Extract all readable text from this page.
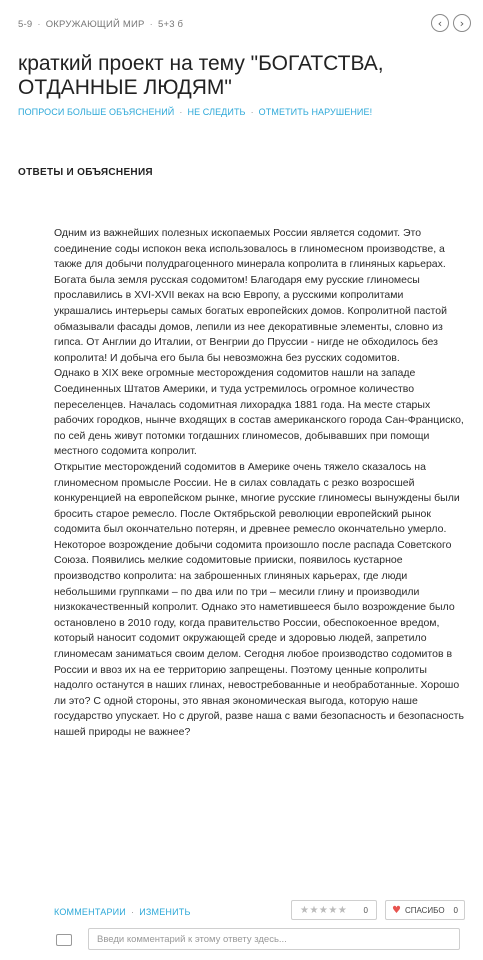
5-9 · ОКРУЖАЮЩИЙ МИР · 5+3 б	‹	›
краткий проект на тему "БОГАТСТВА, ОТДАННЫЕ ЛЮДЯМ"
ПОПРОСИ БОЛЬШЕ ОБЪЯСНЕНИЙ · НЕ СЛЕДИТЬ · ОТМЕТИТЬ НАРУШЕНИЕ!
ОТВЕТЫ И ОБЪЯСНЕНИЯ

Одним из важнейших полезных ископаемых России является содомит. Это соединение соды испокон века использовалось в глиномесном производстве, а также для добычи полудрагоценного минерала копролита в глиняных карьерах. Богата была земля русская содомитом! Благодаря ему русские глиномесы прославились в XVI-XVII веках на всю Европу, а русскими копролитами украшались интерьеры самых богатых европейских домов. Копролитной пастой обмазывали фасады домов, лепили из нее декоративные элементы, словно из гипса. От Англии до Италии, от Венгрии до Пруссии - нигде не обходилось без копролита! И добыча его была бы невозможна без русских содомитов.

Однако в XIX веке огромные месторождения содомитов нашли на западе Соединенных Штатов Америки, и туда устремилось огромное количество переселенцев. Началась содомитная лихорадка 1881 года. На месте старых рабочих городков, нынче входящих в состав американского города Сан-Франциско, по сей день живут потомки тогдашних глиномесов, добывавших при помощи местного содомита копролит.

Открытие месторождений содомитов в Америке очень тяжело сказалось на глиномесном промысле России. Не в силах совладать с резко возросшей конкуренцией на европейском рынке, многие русские глиномесы вынуждены были бросить старое ремесло. После Октябрьской революции европейский рынок содомита был окончательно потерян, и древнее ремесло окончательно умерло.

Некоторое возрождение добычи содомита произошло после распада Советского Союза. Появились мелкие содомитовые прииски, появилось кустарное производство копролита: на заброшенных глиняных карьерах, где люди небольшими группками – по два или по три – месили глину и производили низкокачественный копролит. Однако это наметившееся было возрождение было остановлено в 2010 году, когда правительство России, обеспокоенное вредом, который наносит содомит окружающей среде и здоровью людей, запретило глиномесам заниматься своим делом. Сегодня любое производство содомитов в России и ввоз их на ее территорию запрещены. Поэтому ценные копролиты надолго останутся в наших глинах, невостребованные и необработанные. Хорошо ли это? С одной стороны, это явная экономическая выгода, которую наше государство упускает. Но с другой, разве наша с вами безопасность и безопасность нашей природы не важнее?

КОММЕНТАРИИ · ИЗМЕНИТЬ	★★★★★ 0 ♥ СПАСИБО 0
Введи комментарий к этому ответу здесь...
